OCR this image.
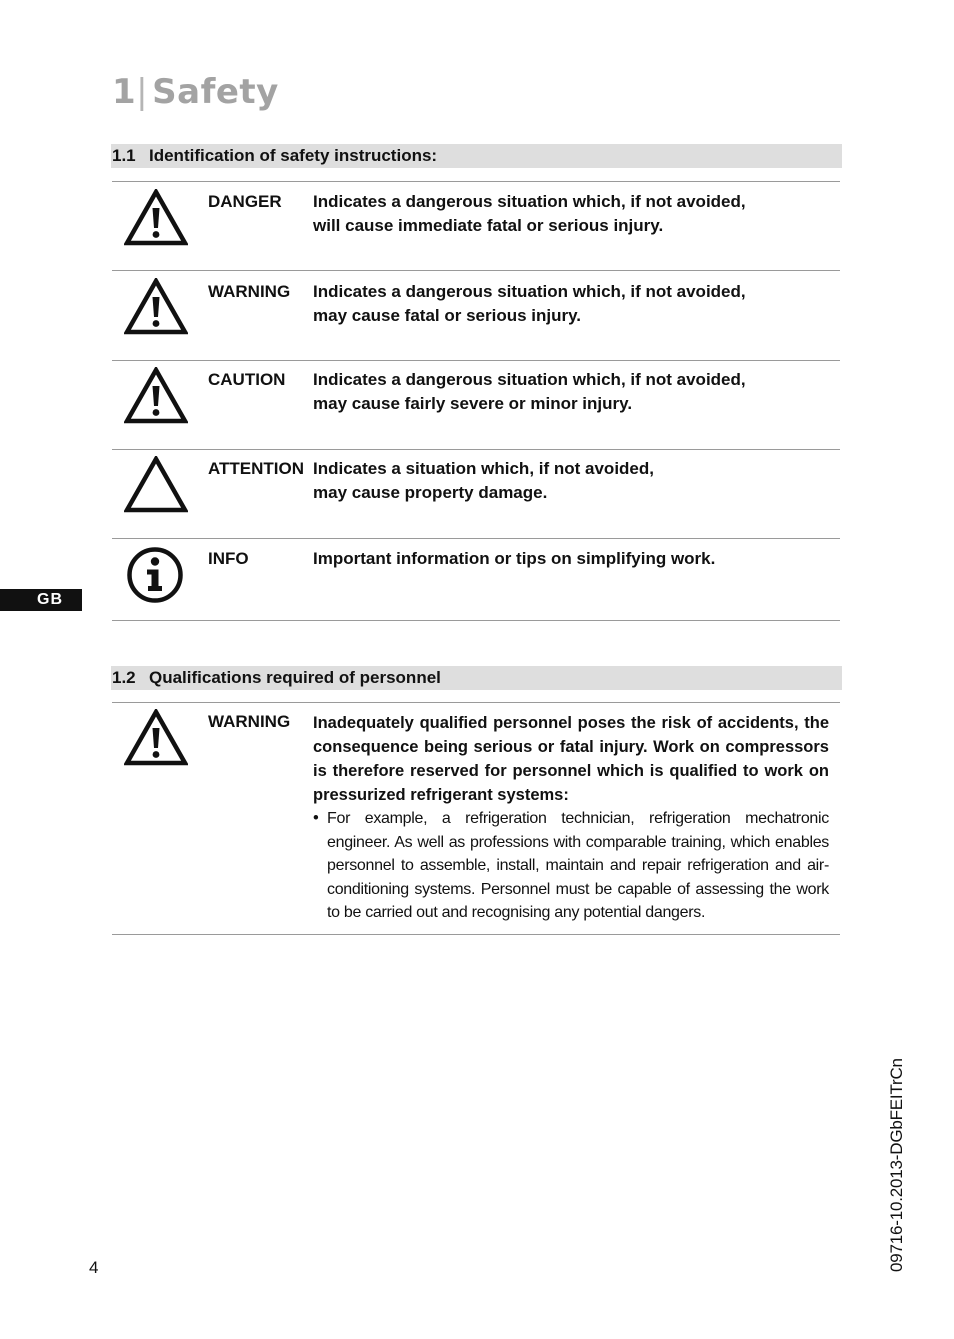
1| Safety
1.1 Identification of safety instructions:
DANGER Indicates a dangerous situation which, if not avoided,
will cause immediate fatal or serious injury.
WARNING Indicates a dangerous situation which, if not avoided,
may cause fatal or serious injury.
CAUTION Indicates a dangerous situation which, if not avoided,
may cause fairly severe or minor injury.
ATTENTION Indicates a situation which, if not avoided,
may cause property damage.
INFO	Important information or tips on simplifying work.
GB
1.2 Qualifications required of personnel
WARNING Inadequately qualified personnel poses the risk of accidents, the consequence being serious or fatal injury. Work on compressors is therefore reserved for personnel which is qualified to work on pressurized refrigerant systems:

• For example, a refrigeration technician, refrigeration mechatronic engineer. As well as professions with comparable training, which enables personnel to assemble, install, maintain and repair refrigeration and air-conditioning systems. Personnel must be capable of assessing the work to be carried out and recognising any potential dangers.

4	09716-10.2013-DGbFEITrCn
